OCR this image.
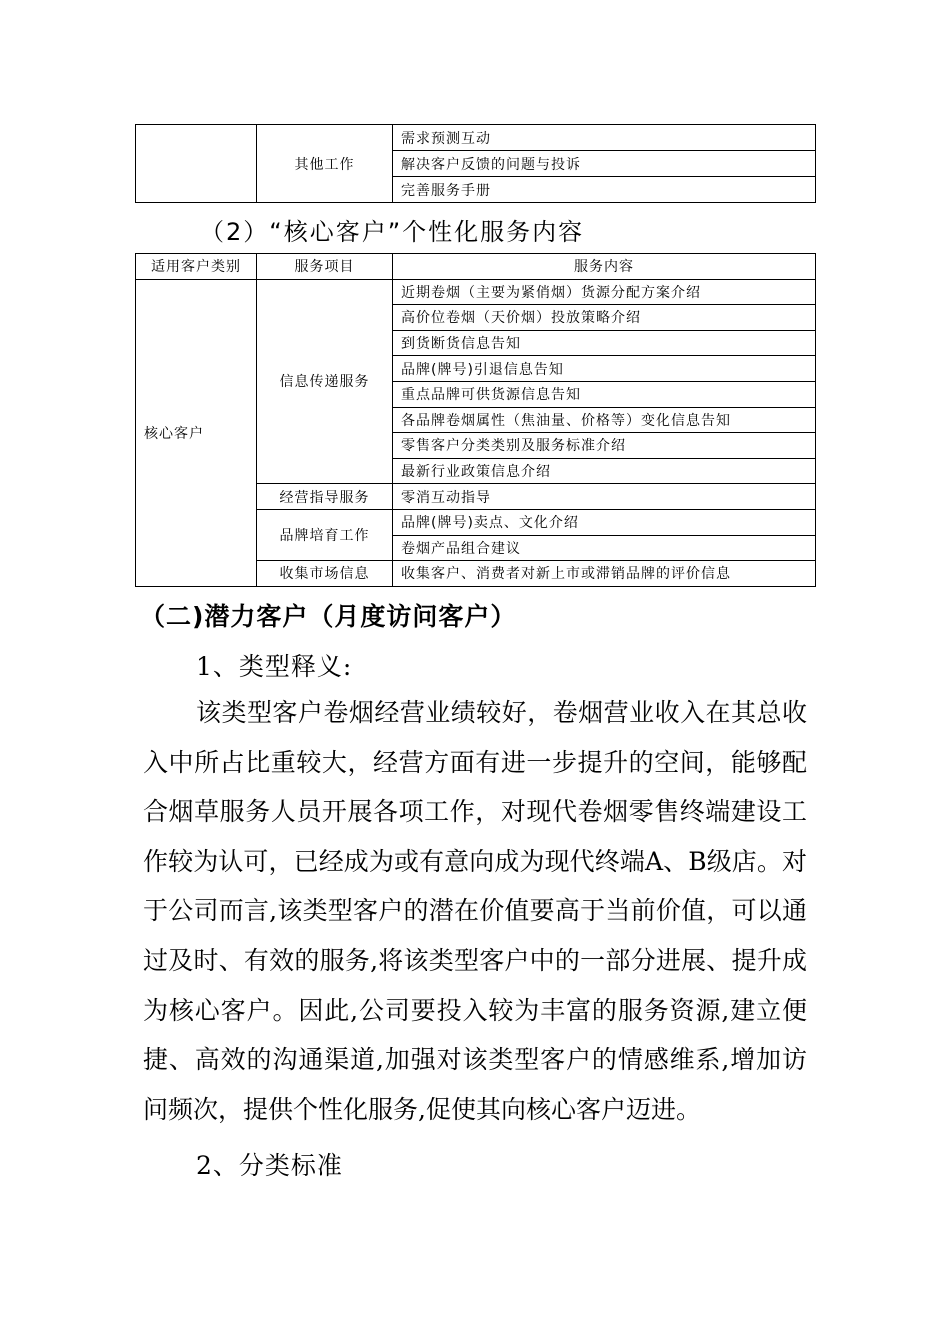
	其他工作	需求预测互动
解决客户反馈的问题与投诉
完善服务手册
（2）“核心客户”个性化服务内容
适用客户类别	服务项目	服务内容
核心客户	信息传递服务	近期卷烟（主要为紧俏烟）货源分配方案介绍
		高价位卷烟（天价烟）投放策略介绍
		到货断货信息告知
		品牌(牌号)引退信息告知
		重点品牌可供货源信息告知
		各品牌卷烟属性（焦油量、价格等）变化信息告知
		零售客户分类类别及服务标准介绍
		最新行业政策信息介绍
	经营指导服务	零消互动指导
	品牌培育工作	品牌(牌号)卖点、文化介绍
		卷烟产品组合建议
	收集市场信息	收集客户、消费者对新上市或滞销品牌的评价信息
（二)潜力客户（月度访问客户）
1、类型释义:

该类型客户卷烟经营业绩较好，卷烟营业收入在其总收入中所占比重较大，经营方面有进一步提升的空间，能够配合烟草服务人员开展各项工作，对现代卷烟零售终端建设工作较为认可，已经成为或有意向成为现代终端A、B级店。对于公司而言,该类型客户的潜在价值要高于当前价值，可以通过及时、有效的服务,将该类型客户中的一部分进展、提升成为核心客户。因此,公司要投入较为丰富的服务资源,建立便捷、高效的沟通渠道,加强对该类型客户的情感维系,增加访问频次，提供个性化服务,促使其向核心客户迈进。

2、分类标准
